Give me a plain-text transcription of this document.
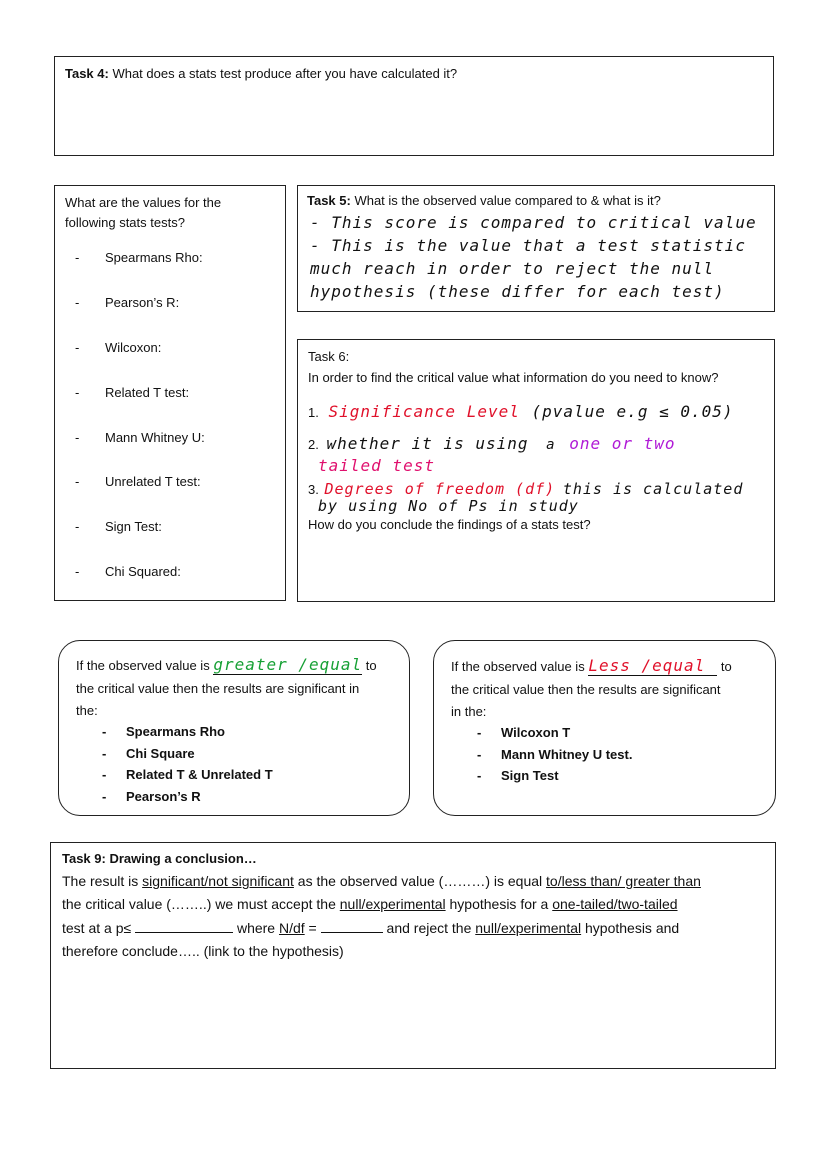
Task 4: What does a stats test produce after you have calculated it?
What are the values for the
following stats tests?
- Spearmans Rho:
- Pearson’s R:
- Wilcoxon:
- Related T test:
- Mann Whitney U:
- Unrelated T test:
- Sign Test:
- Chi Squared:
Task 5: What is the observed value compared to & what is it?
- This score is compared to critical value
- This is the value that a test statistic
much reach in order to reject the null
hypothesis (these differ for each test)
Task 6:
In order to find the critical value what information do you need to know?
1. Significance Level (pvalue e.g ≤ 0.05)
2. whether it is using a one or two
tailed test
3. Degrees of freedom (df) this is calculated
by using No of Ps in study
How do you conclude the findings of a stats test?
If the observed value is greater /equal to
the critical value then the results are significant in
the:
- Spearmans Rho
- Chi Square
- Related T & Unrelated T
- Pearson’s R
If the observed value is Less /equal to
the critical value then the results are significant
in the:
- Wilcoxon T
- Mann Whitney U test.
- Sign Test
Task 9: Drawing a conclusion…
The result is significant/not significant as the observed value (………) is equal to/less than/ greater than
the critical value (……..) we must accept the null/experimental hypothesis for a one-tailed/two-tailed
test at a p≤	where N/df =	and reject the null/experimental hypothesis and
therefore conclude….. (link to the hypothesis)
